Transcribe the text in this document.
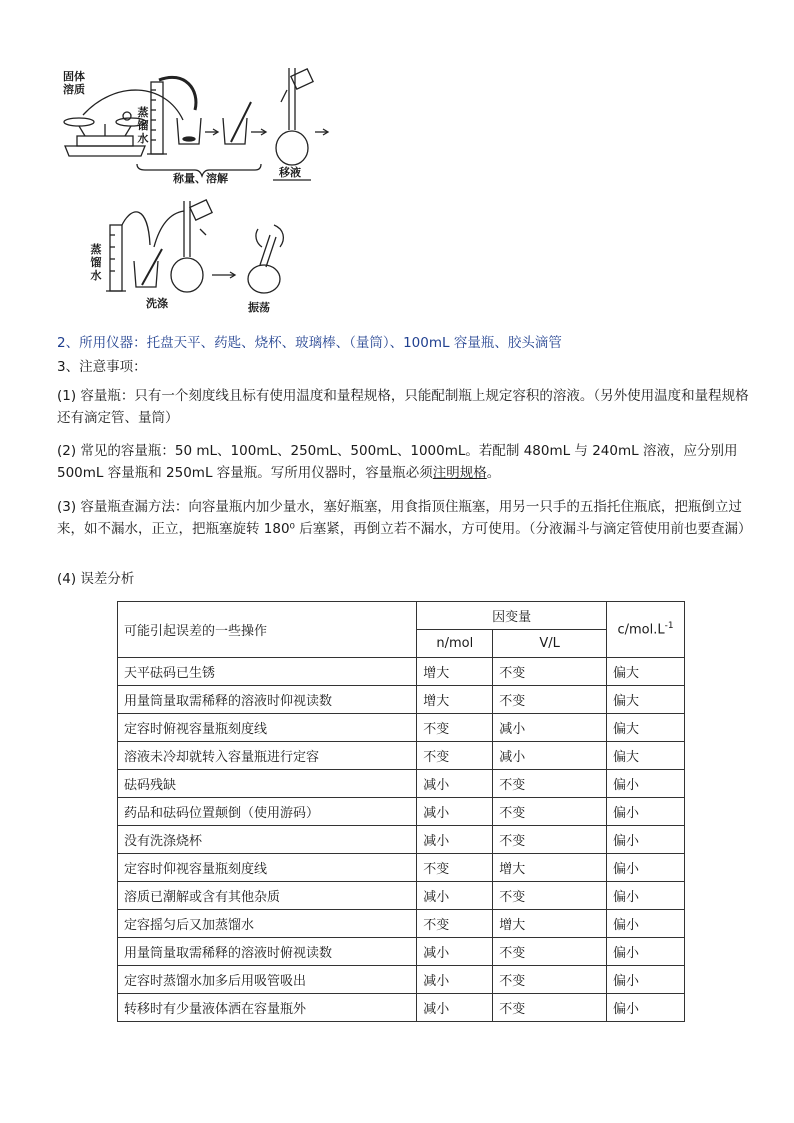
固体
溶质
蒸
馏
水
称量、溶解	移液
蒸
馏
水
洗涤	振荡
2、所用仪器：托盘天平、药匙、烧杯、玻璃棒、（量筒）、100mL 容量瓶、胶头滴管
3、注意事项：
(1) 容量瓶：只有一个刻度线且标有使用温度和量程规格，只能配制瓶上规定容积的溶液。（另外使用温度和量程规格还有滴定管、量筒）
(2) 常见的容量瓶：50 mL、100mL、250mL、500mL、1000mL。若配制 480mL 与 240mL 溶液，应分别用 500mL 容量瓶和 250mL 容量瓶。写所用仪器时，容量瓶必须注明规格。
(3) 容量瓶查漏方法：向容量瓶内加少量水，塞好瓶塞，用食指顶住瓶塞，用另一只手的五指托住瓶底，把瓶倒立过来，如不漏水，正立，把瓶塞旋转 180⁰ 后塞紧，再倒立若不漏水，方可使用。（分液漏斗与滴定管使用前也要查漏）
(4) 误差分析
可能引起误差的一些操作	因变量		$c/mol.L^{-1}$
	n/mol	V/L	
天平砝码已生锈	增大	不变	偏大
用量筒量取需稀释的溶液时仰视读数	增大	不变	偏大
定容时俯视容量瓶刻度线	不变	减小	偏大
溶液未冷却就转入容量瓶进行定容	不变	减小	偏大
砝码残缺	减小	不变	偏小
药品和砝码位置颠倒（使用游码）	减小	不变	偏小
没有洗涤烧杯	减小	不变	偏小
定容时仰视容量瓶刻度线	不变	增大	偏小
溶质已潮解或含有其他杂质	减小	不变	偏小
定容摇匀后又加蒸馏水	不变	增大	偏小
用量筒量取需稀释的溶液时俯视读数	减小	不变	偏小
定容时蒸馏水加多后用吸管吸出	减小	不变	偏小
转移时有少量液体洒在容量瓶外	减小	不变	偏小
